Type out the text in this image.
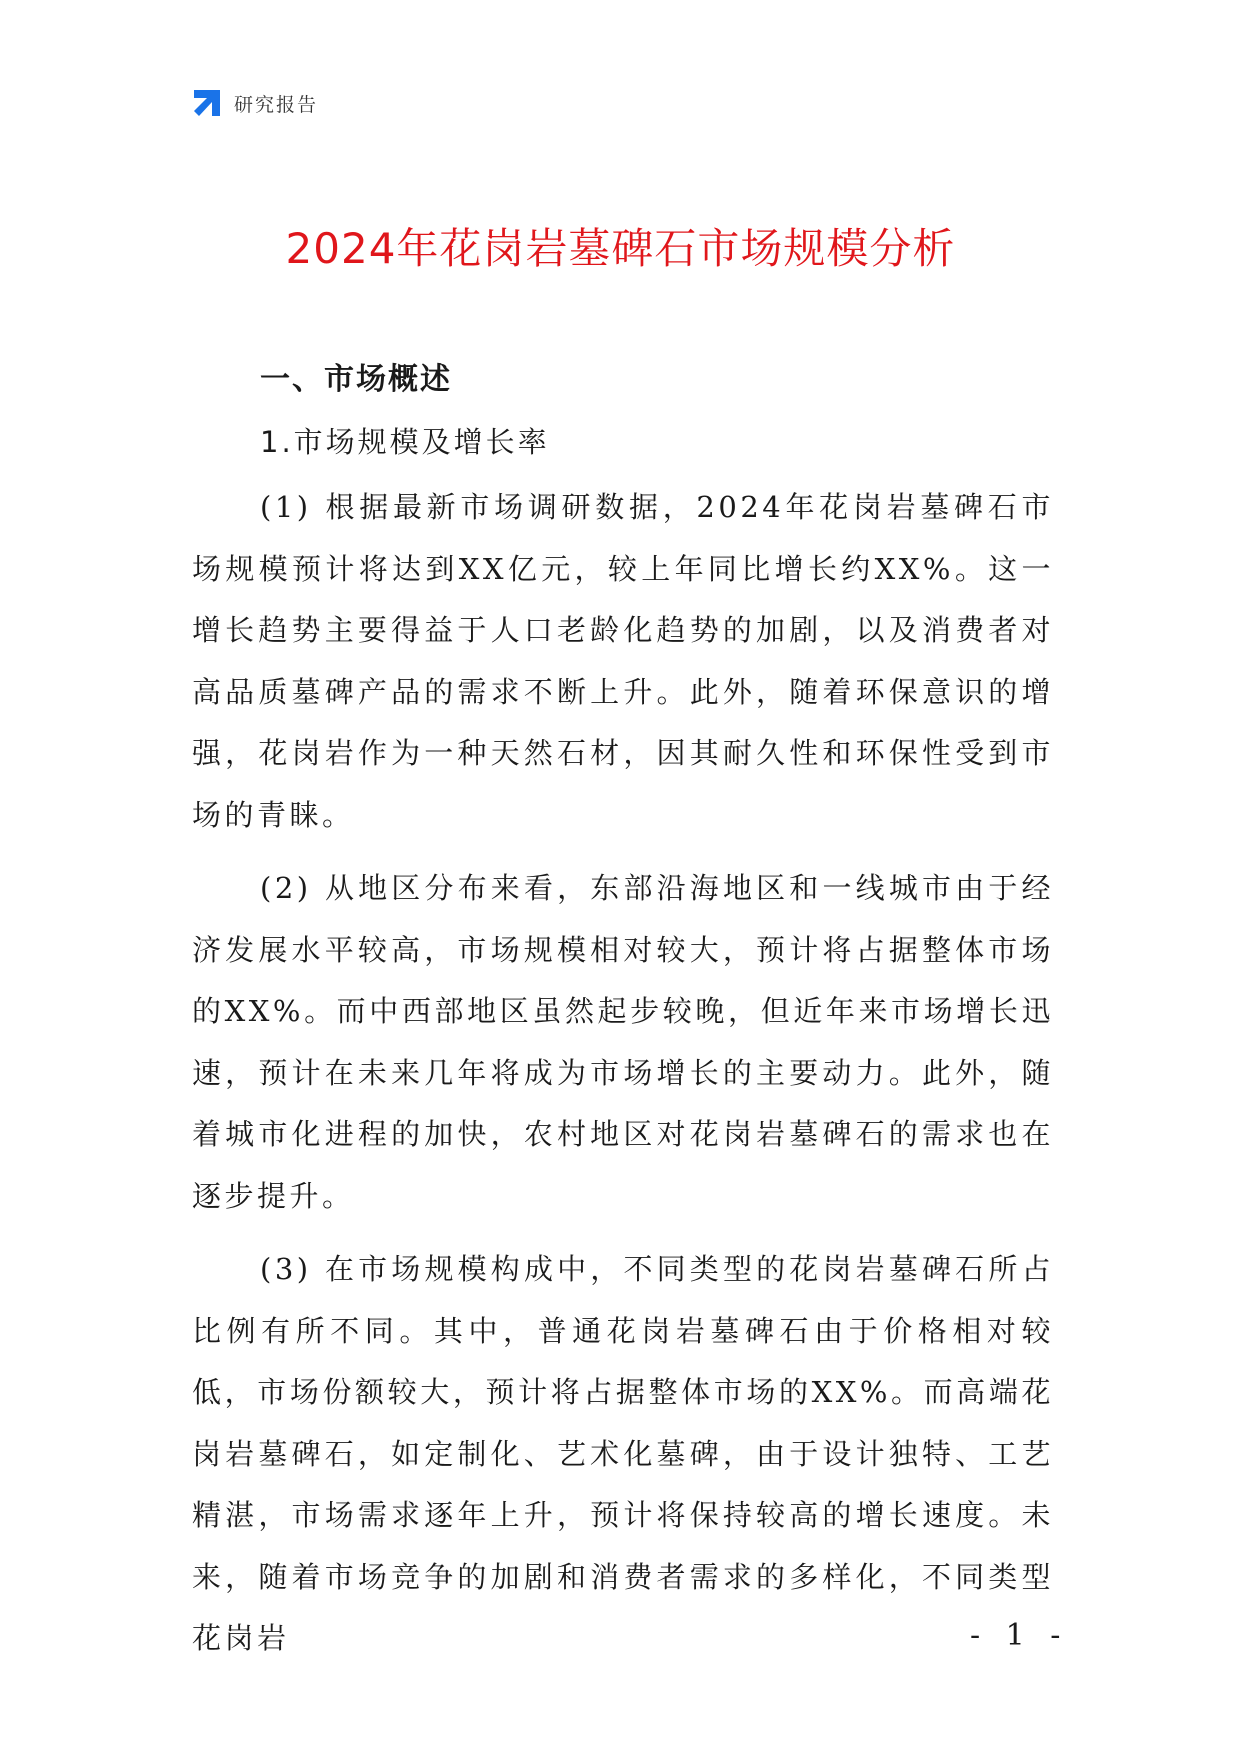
研究报告
2024年花岗岩墓碑石市场规模分析
一、市场概述
1.市场规模及增长率

(1) 根据最新市场调研数据，2024年花岗岩墓碑石市场规模预计将达到XX亿元，较上年同比增长约XX%。这一增长趋势主要得益于人口老龄化趋势的加剧，以及消费者对高品质墓碑产品的需求不断上升。此外，随着环保意识的增强，花岗岩作为一种天然石材，因其耐久性和环保性受到市场的青睐。

(2) 从地区分布来看，东部沿海地区和一线城市由于经济发展水平较高，市场规模相对较大，预计将占据整体市场的XX%。而中西部地区虽然起步较晚，但近年来市场增长迅速，预计在未来几年将成为市场增长的主要动力。此外，随着城市化进程的加快，农村地区对花岗岩墓碑石的需求也在逐步提升。

(3) 在市场规模构成中，不同类型的花岗岩墓碑石所占比例有所不同。其中，普通花岗岩墓碑石由于价格相对较低，市场份额较大，预计将占据整体市场的XX%。而高端花岗岩墓碑石，如定制化、艺术化墓碑，由于设计独特、工艺精湛，市场需求逐年上升，预计将保持较高的增长速度。未来，随着市场竞争的加剧和消费者需求的多样化，不同类型花岗岩	- 1 -
